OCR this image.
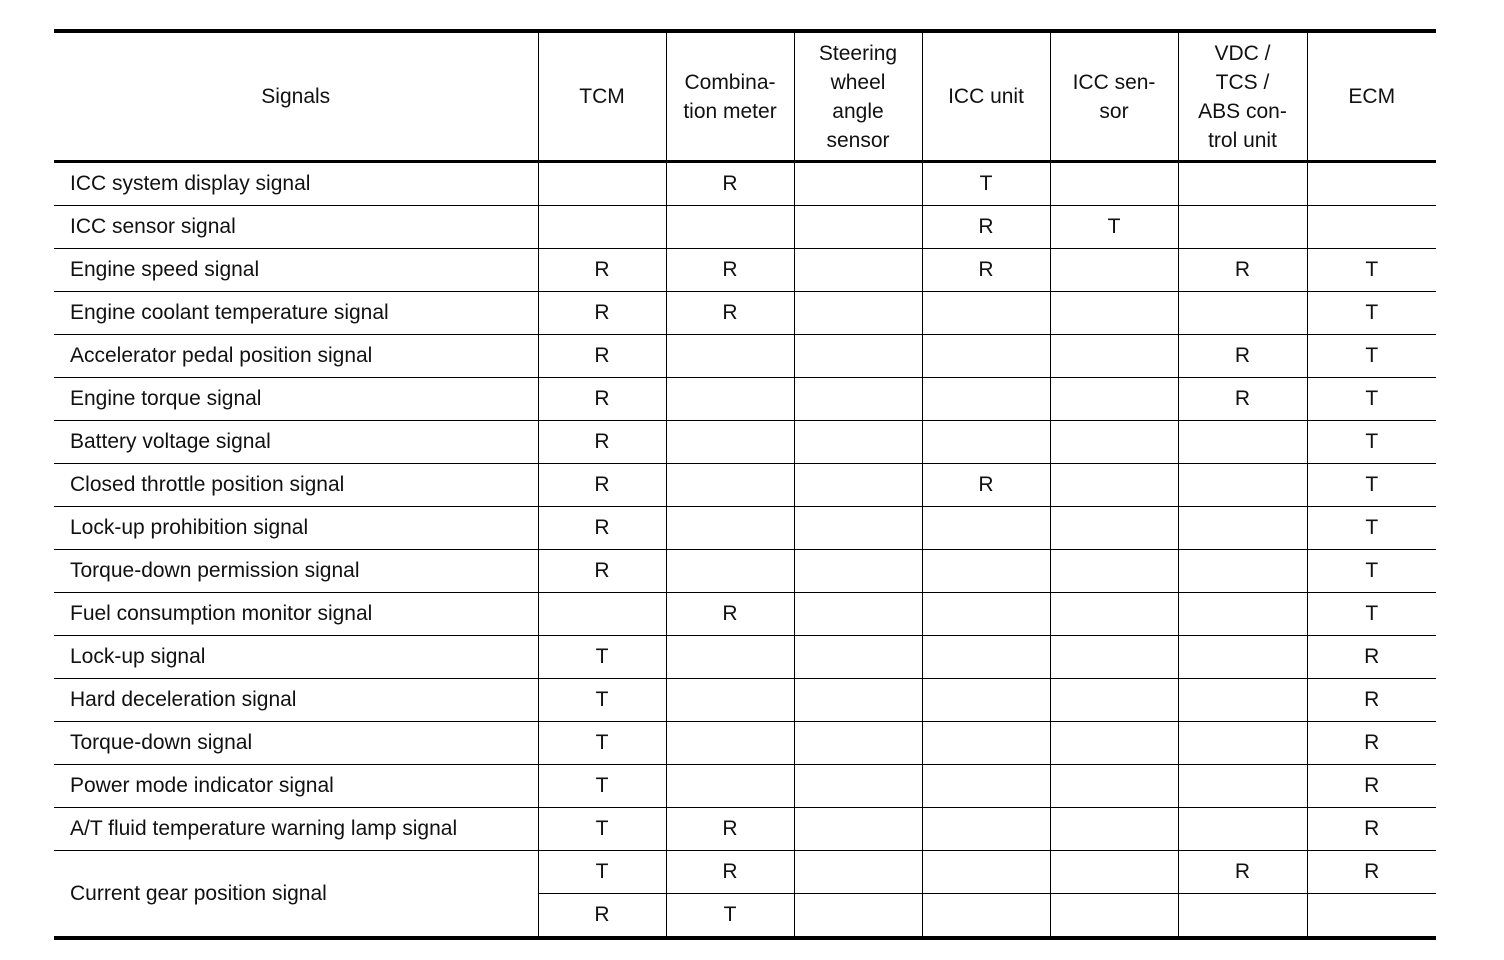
Signals	TCM	Combina-
tion meter	Steering
wheel
angle
sensor	ICC unit	ICC sen-
sor	VDC /
TCS /
ABS con-
trol unit	ECM

ICC system display signal		R		T			
ICC sensor signal				R	T		
Engine speed signal	R	R		R		R	T
Engine coolant temperature signal	R	R					T
Accelerator pedal position signal	R					R	T
Engine torque signal	R					R	T
Battery voltage signal	R						T
Closed throttle position signal	R			R			T
Lock-up prohibition signal	R						T
Torque-down permission signal	R						T
Fuel consumption monitor signal		R					T
Lock-up signal	T						R
Hard deceleration signal	T						R
Torque-down signal	T						R
Power mode indicator signal	T						R
A/T fluid temperature warning lamp signal	T	R					R
Current gear position signal	T	R				R	R
	R	T					
